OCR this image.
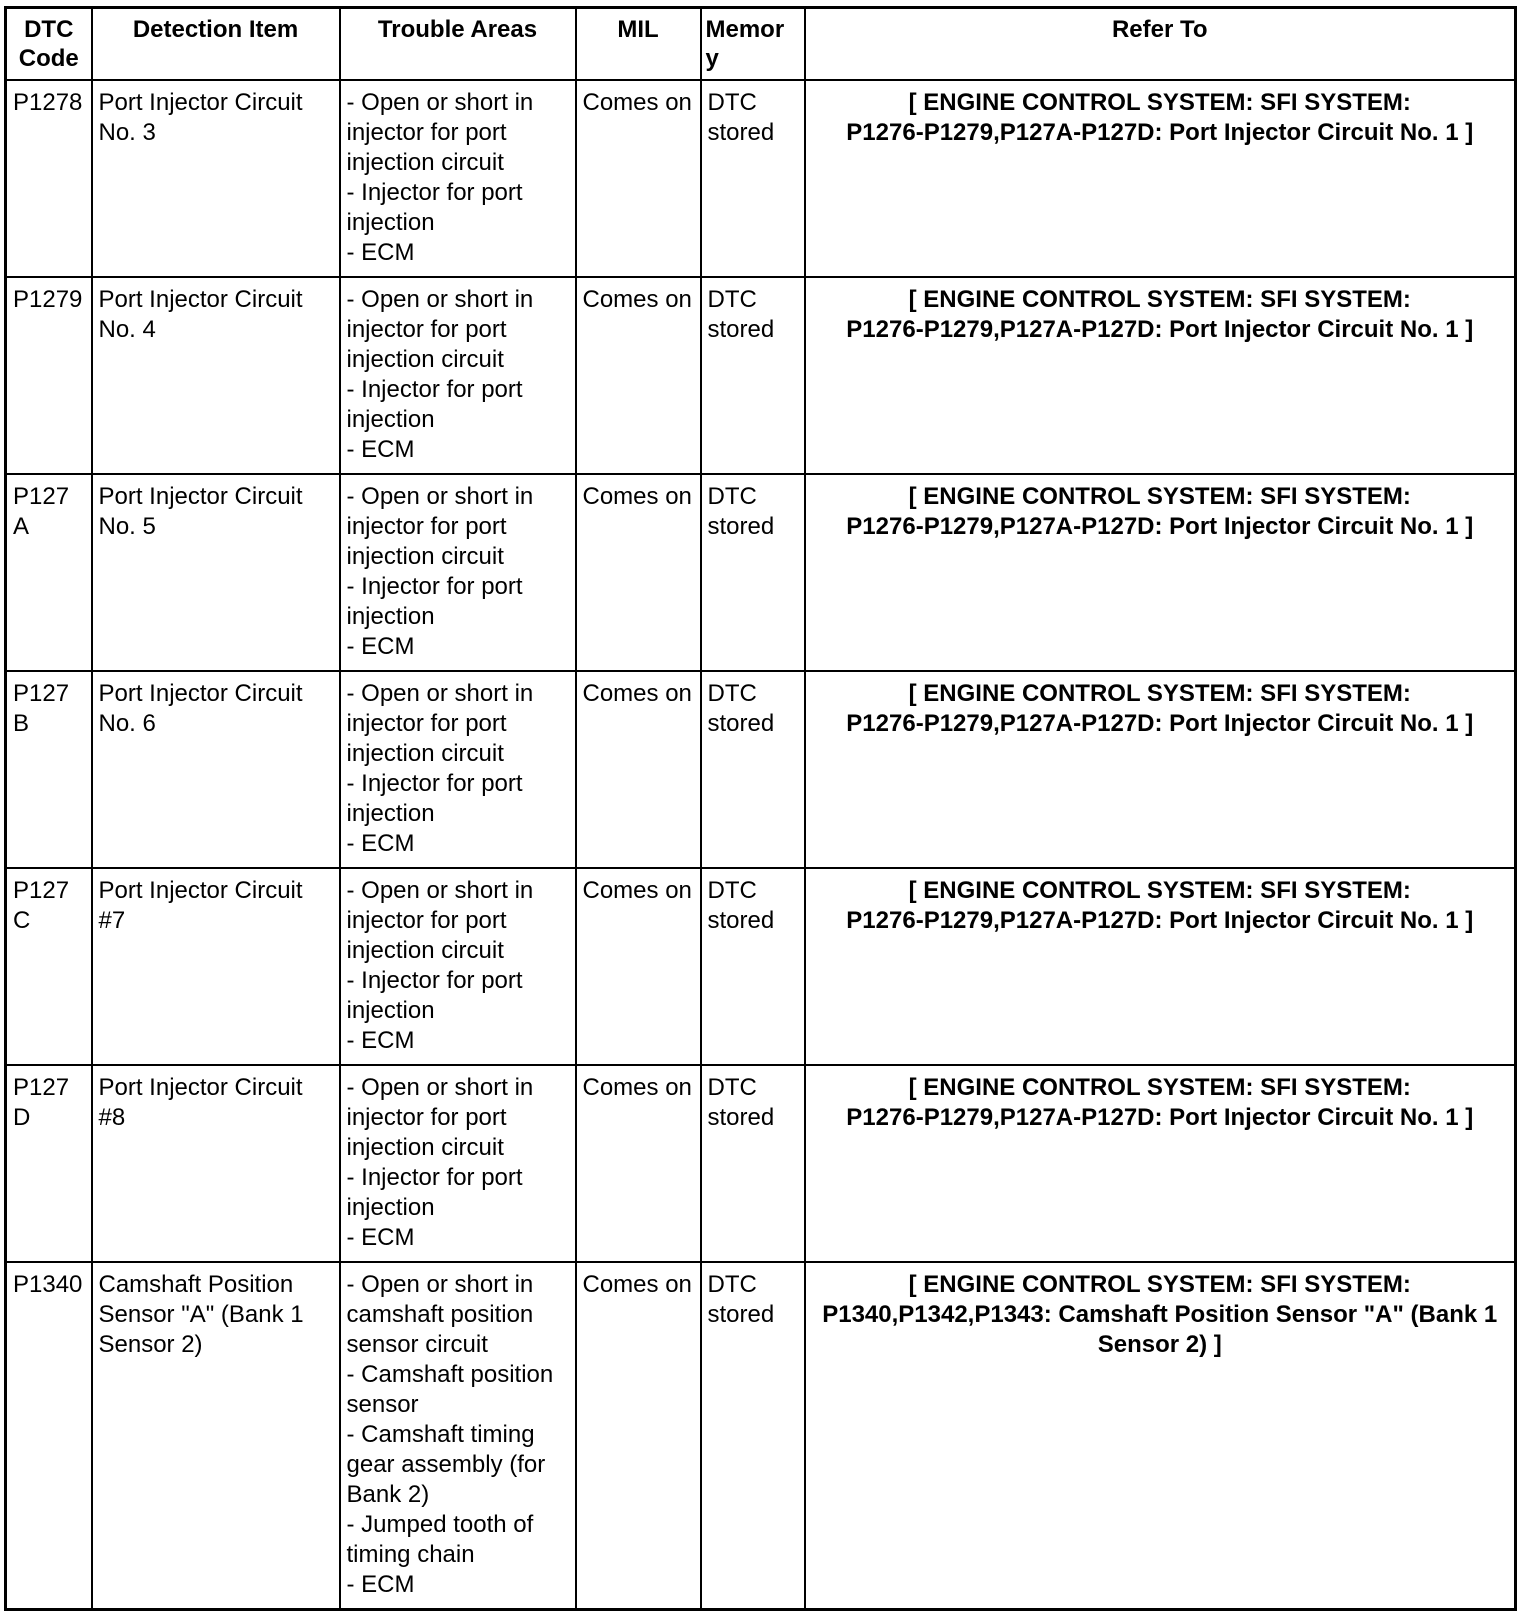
DTC
Code	Detection Item	Trouble Areas	MIL	Memory	Refer To
P1278	Port Injector Circuit No. 3	- Open or short in injector for port injection circuit
- Injector for port injection
- ECM	Comes on	DTC stored	[ ENGINE CONTROL SYSTEM: SFI SYSTEM:
P1276-P1279,P127A-P127D: Port Injector Circuit No. 1 ]

P1279	Port Injector Circuit No. 4	- Open or short in injector for port injection circuit
- Injector for port injection
- ECM	Comes on	DTC stored	[ ENGINE CONTROL SYSTEM: SFI SYSTEM:
P1276-P1279,P127A-P127D: Port Injector Circuit No. 1 ]

P127A	Port Injector Circuit No. 5	- Open or short in injector for port injection circuit
- Injector for port injection
- ECM	Comes on	DTC stored	[ ENGINE CONTROL SYSTEM: SFI SYSTEM:
P1276-P1279,P127A-P127D: Port Injector Circuit No. 1 ]

P127B	Port Injector Circuit No. 6	- Open or short in injector for port injection circuit
- Injector for port injection
- ECM	Comes on	DTC stored	[ ENGINE CONTROL SYSTEM: SFI SYSTEM:
P1276-P1279,P127A-P127D: Port Injector Circuit No. 1 ]

P127C	Port Injector Circuit #7	- Open or short in injector for port injection circuit
- Injector for port injection
- ECM	Comes on	DTC stored	[ ENGINE CONTROL SYSTEM: SFI SYSTEM:
P1276-P1279,P127A-P127D: Port Injector Circuit No. 1 ]

P127D	Port Injector Circuit #8	- Open or short in injector for port injection circuit
- Injector for port injection
- ECM	Comes on	DTC stored	[ ENGINE CONTROL SYSTEM: SFI SYSTEM:
P1276-P1279,P127A-P127D: Port Injector Circuit No. 1 ]

P1340	Camshaft Position Sensor "A" (Bank 1 Sensor 2)	- Open or short in camshaft position sensor circuit
- Camshaft position sensor
- Camshaft timing gear assembly (for Bank 2)
- Jumped tooth of timing chain
- ECM	Comes on	DTC stored	[ ENGINE CONTROL SYSTEM: SFI SYSTEM:
P1340,P1342,P1343: Camshaft Position Sensor "A" (Bank 1 Sensor 2) ]
